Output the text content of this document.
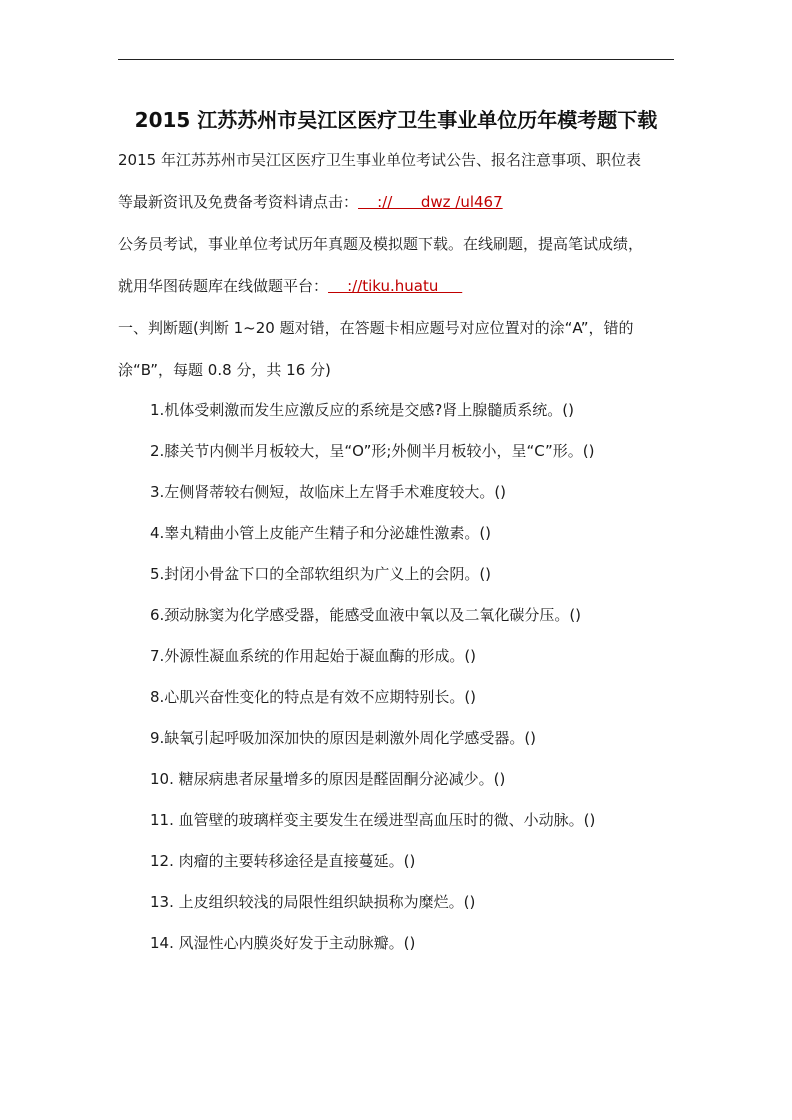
2015 江苏苏州市吴江区医疗卫生事业单位历年模考题下载
2015 年江苏苏州市吴江区医疗卫生事业单位考试公告、报名注意事项、职位表
等最新资讯及免费备考资料请点击：    ://      dwz /ul467
公务员考试，事业单位考试历年真题及模拟题下载。在线刷题，提高笔试成绩，
就用华图砖题库在线做题平台：    ://tiku.huatu
一、判断题(判断 1~20 题对错，在答题卡相应题号对应位置对的涂“A”，错的
涂“B”，每题 0.8 分，共 16 分)
1.机体受刺激而发生应激反应的系统是交感?肾上腺髓质系统。()
2.膝关节内侧半月板较大，呈“O”形;外侧半月板较小，呈“C”形。()
3.左侧肾蒂较右侧短，故临床上左肾手术难度较大。()
4.睾丸精曲小管上皮能产生精子和分泌雄性激素。()
5.封闭小骨盆下口的全部软组织为广义上的会阴。()
6.颈动脉窦为化学感受器，能感受血液中氧以及二氧化碳分压。()
7.外源性凝血系统的作用起始于凝血酶的形成。()
8.心肌兴奋性变化的特点是有效不应期特别长。()
9.缺氧引起呼吸加深加快的原因是刺激外周化学感受器。()
10. 糖尿病患者尿量增多的原因是醛固酮分泌减少。()
11. 血管壁的玻璃样变主要发生在缓进型高血压时的微、小动脉。()
12. 肉瘤的主要转移途径是直接蔓延。()
13. 上皮组织较浅的局限性组织缺损称为糜烂。()
14. 风湿性心内膜炎好发于主动脉瓣。()
